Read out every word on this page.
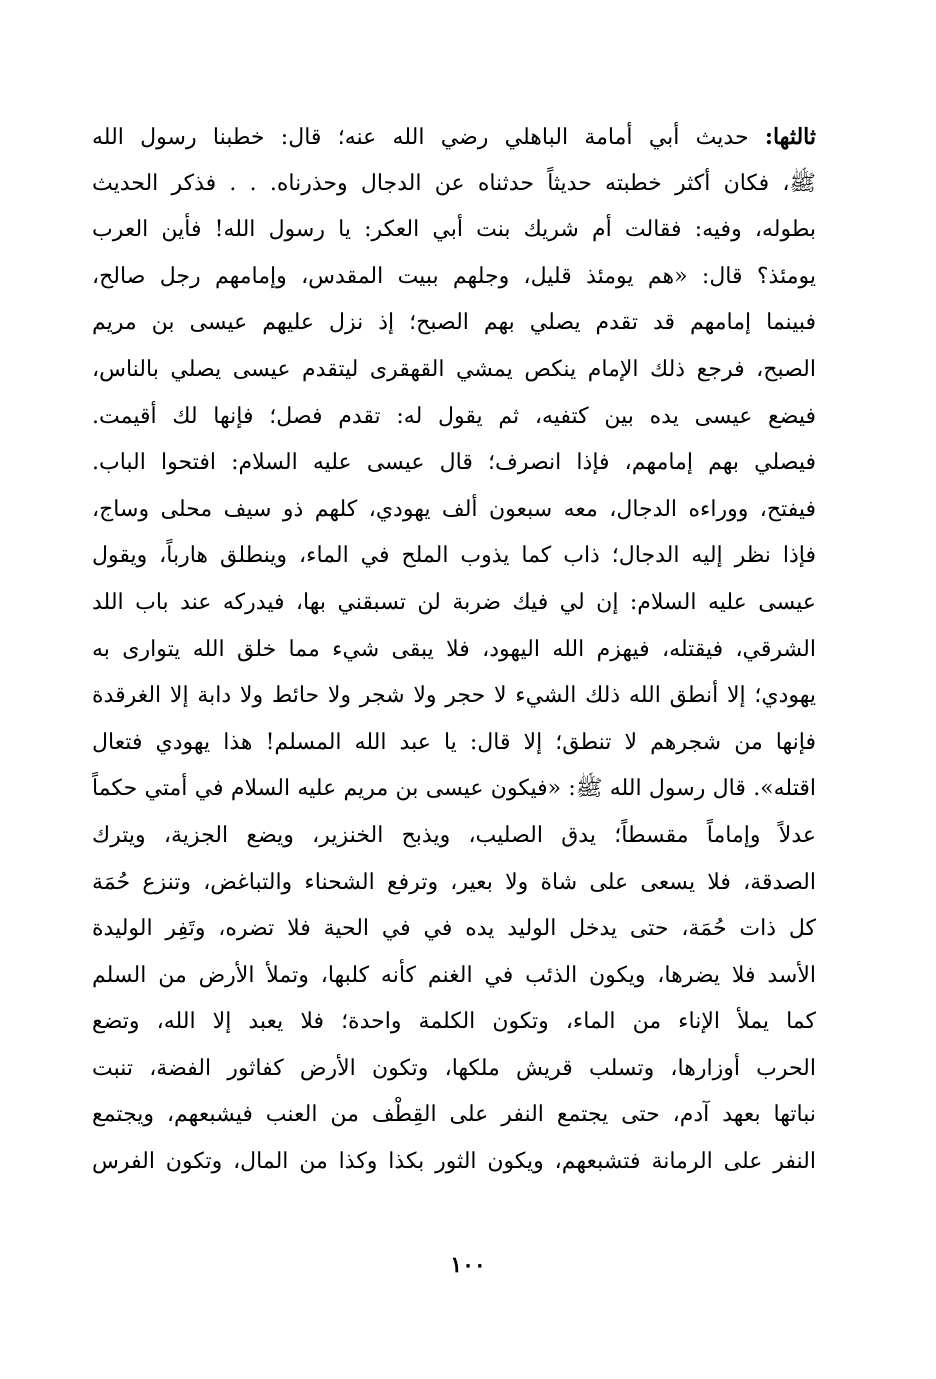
ثالثها: حديث أبي أمامة الباهلي رضي الله عنه؛ قال: خطبنا رسول الله
ﷺ، فكان أكثر خطبته حديثاً حدثناه عن الدجال وحذرناه. . . فذكر الحديث
بطوله، وفيه: فقالت أم شريك بنت أبي العكر: يا رسول الله! فأين العرب
يومئذ؟ قال: «هم يومئذ قليل، وجلهم ببيت المقدس، وإمامهم رجل صالح،
فبينما إمامهم قد تقدم يصلي بهم الصبح؛ إذ نزل عليهم عيسى بن مريم
الصبح، فرجع ذلك الإمام ينكص يمشي القهقرى ليتقدم عيسى يصلي بالناس،
فيضع عيسى يده بين كتفيه، ثم يقول له: تقدم فصل؛ فإنها لك أقيمت.
فيصلي بهم إمامهم، فإذا انصرف؛ قال عيسى عليه السلام: افتحوا الباب.
فيفتح، ووراءه الدجال، معه سبعون ألف يهودي، كلهم ذو سيف محلى وساج،
فإذا نظر إليه الدجال؛ ذاب كما يذوب الملح في الماء، وينطلق هارباً، ويقول
عيسى عليه السلام: إن لي فيك ضربة لن تسبقني بها، فيدركه عند باب اللد
الشرقي، فيقتله، فيهزم الله اليهود، فلا يبقى شيء مما خلق الله يتوارى به
يهودي؛ إلا أنطق الله ذلك الشيء لا حجر ولا شجر ولا حائط ولا دابة إلا الغرقدة
فإنها من شجرهم لا تنطق؛ إلا قال: يا عبد الله المسلم! هذا يهودي فتعال
اقتله». قال رسول الله ﷺ: «فيكون عيسى بن مريم عليه السلام في أمتي حكماً
عدلاً وإماماً مقسطاً؛ يدق الصليب، ويذبح الخنزير، ويضع الجزية، ويترك
الصدقة، فلا يسعى على شاة ولا بعير، وترفع الشحناء والتباغض، وتنزع حُمَة
كل ذات حُمَة، حتى يدخل الوليد يده في في الحية فلا تضره، وتَفِر الوليدة
الأسد فلا يضرها، ويكون الذئب في الغنم كأنه كلبها، وتملأ الأرض من السلم
كما يملأ الإناء من الماء، وتكون الكلمة واحدة؛ فلا يعبد إلا الله، وتضع
الحرب أوزارها، وتسلب قريش ملكها، وتكون الأرض كفاثور الفضة، تنبت
نباتها بعهد آدم، حتى يجتمع النفر على القِطْف من العنب فيشبعهم، ويجتمع
النفر على الرمانة فتشبعهم، ويكون الثور بكذا وكذا من المال، وتكون الفرس
١٠٠
